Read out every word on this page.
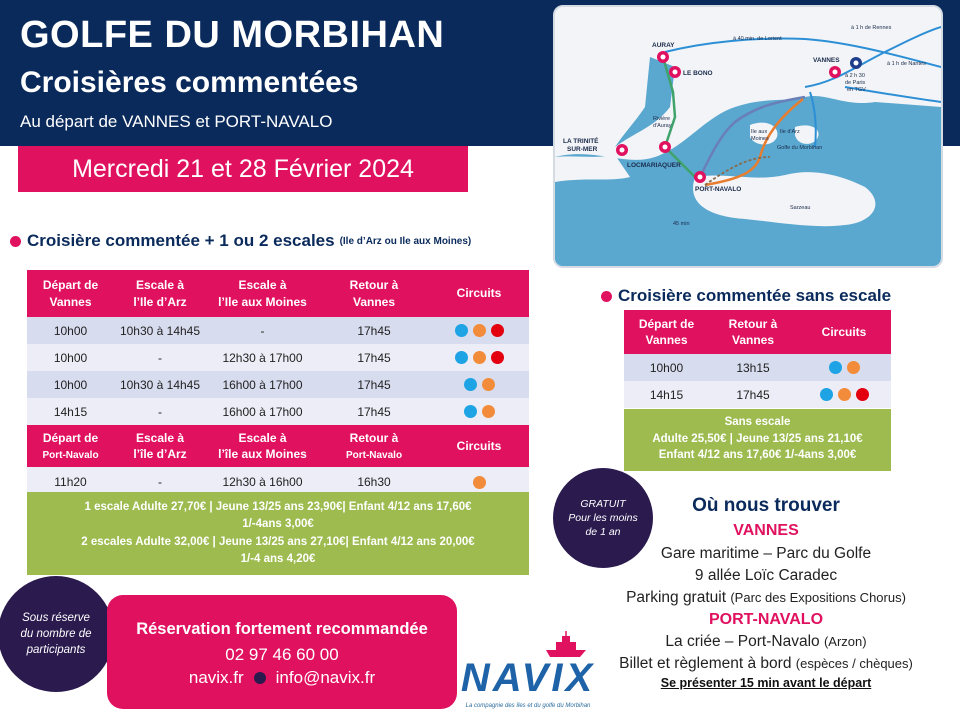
GOLFE DU MORBIHAN
Croisières commentées
Au départ de VANNES et PORT-NAVALO
Mercredi 21 et 28 Février 2024
AURAY
LE BONO
VANNES
LA TRINITÉ
SUR-MER
LOCMARIAQUER
PORT-NAVALO
à 40 min. de Lorient
à 1 h de Rennes
à 1 h de Nantes
à 2 h 30
de Paris
en TGV
Rivière
d'Auray
Ile d'Arz
Ile aux
Moines
Golfe du Morbihan
Sarzeau
45 min
Croisière commentée + 1 ou 2 escales (Ile d’Arz ou Ile aux Moines)
Départ de
Vannes	Escale à
l’Ile d’Arz	Escale à
l’Ile aux Moines	Retour à
Vannes	Circuits
10h00	10h30 à 14h45	-	17h45	

10h00	-	12h30 à 17h00	17h45	

10h00	10h30 à 14h45	16h00 à 17h00	17h45	

14h15	-	16h00 à 17h00	17h45	

Départ de
Port-Navalo	Escale à
l’île d’Arz	Escale à
l’île aux Moines	Retour à
Port-Navalo	Circuits
11h20	-	12h30 à 16h00	16h30	
1 escale Adulte 27,70€ | Jeune 13/25 ans 23,90€| Enfant 4/12 ans 17,60€
1/-4ans 3,00€
2 escales Adulte 32,00€ | Jeune 13/25 ans 27,10€| Enfant 4/12 ans 20,00€
1/-4 ans 4,20€
Croisière commentée sans escale
Départ de
Vannes	Retour à
Vannes	Circuits
10h00	13h15	

14h15	17h45	
Sans escale
Adulte 25,50€ | Jeune 13/25 ans 21,10€
Enfant 4/12 ans 17,60€ 1/-4ans 3,00€
GRATUIT
Pour les moins
de 1 an
Sous réserve
du nombre de
participants
Réservation fortement recommandée
02 97 46 60 00
navix.fr info@navix.fr
Où nous trouver
VANNES
Gare maritime – Parc du Golfe
9 allée Loïc Caradec
Parking gratuit (Parc des Expositions Chorus)
PORT-NAVALO
La criée – Port-Navalo (Arzon)
Billet et règlement à bord (espèces / chèques)
Se présenter 15 min avant le départ
NAVIX
La compagnie des îles et du golfe du Morbihan
